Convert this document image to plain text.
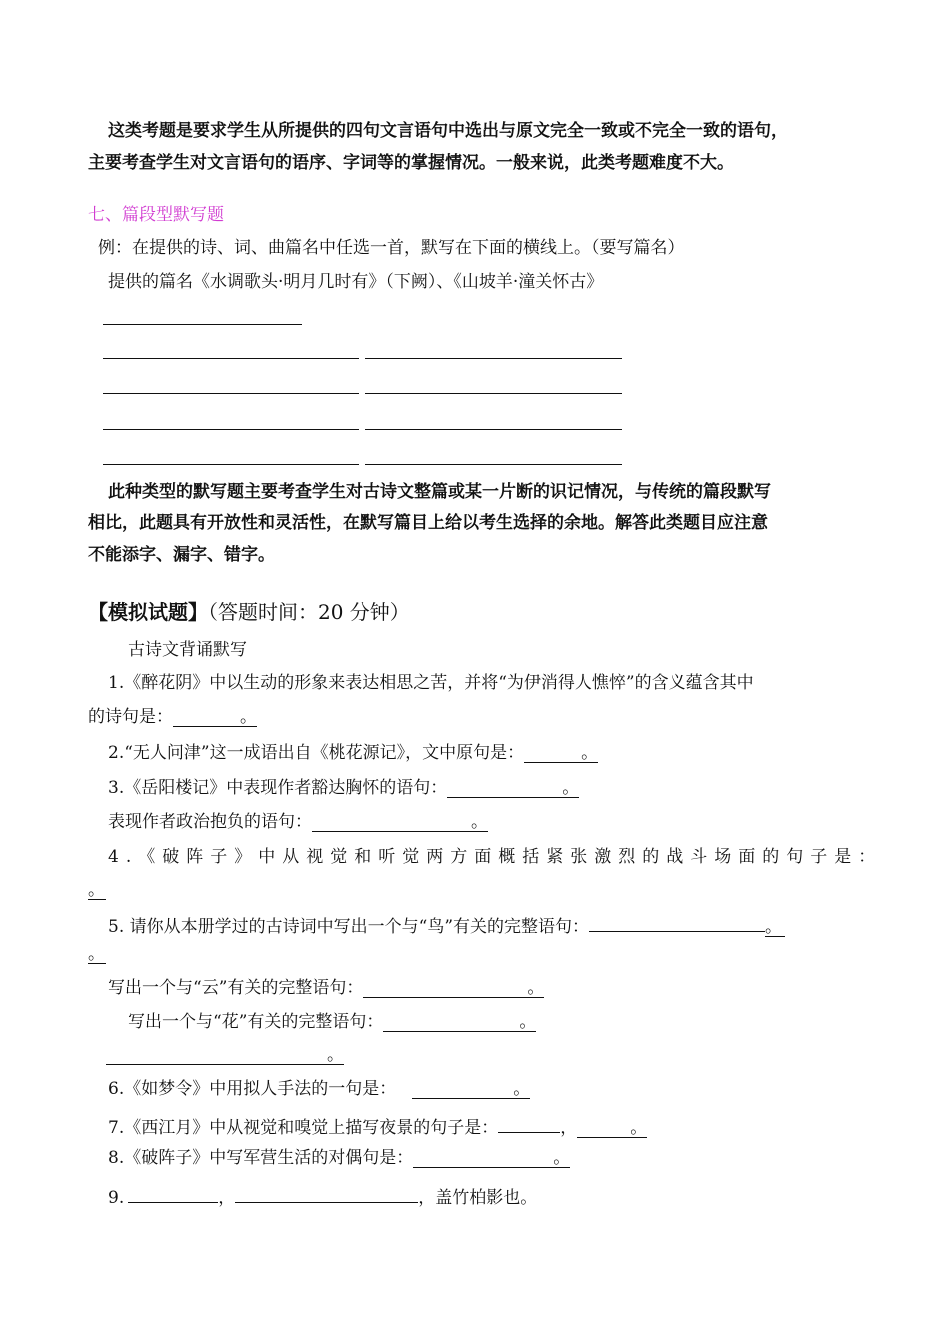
这类考题是要求学生从所提供的四句文言语句中选出与原文完全一致或不完全一致的语句，
主要考查学生对文言语句的语序、字词等的掌握情况。一般来说，此类考题难度不大。
七、篇段型默写题
例：在提供的诗、词、曲篇名中任选一首，默写在下面的横线上。（要写篇名）
提供的篇名《水调歌头·明月几时有》（下阙）、《山坡羊·潼关怀古》
此种类型的默写题主要考查学生对古诗文整篇或某一片断的识记情况，与传统的篇段默写
相比，此题具有开放性和灵活性，在默写篇目上给以考生选择的余地。解答此类题目应注意
不能添字、漏字、错字。
【模拟试题】（答题时间：20 分钟）
古诗文背诵默写
1.《醉花阴》中以生动的形象来表达相思之苦，并将“为伊消得人憔悴”的含义蕴含其中
的诗句是：	。
2.“无人问津”这一成语出自《桃花源记》，文中原句是：	。
3.《岳阳楼记》中表现作者豁达胸怀的语句：	。
表现作者政治抱负的语句：	。
4.《破阵子》中从视觉和听觉两方面概括紧张激烈的战斗场面的句子是：
。
5. 请你从本册学过的古诗词中写出一个与“鸟”有关的完整语句：	。
。
写出一个与“云”有关的完整语句：	。
写出一个与“花”有关的完整语句：	。
。
6.《如梦令》中用拟人手法的一句是：	。
7.《西江月》中从视觉和嗅觉上描写夜景的句子是：	，	。
8.《破阵子》中写军营生活的对偶句是：	。
9.	，	，盖竹柏影也。
